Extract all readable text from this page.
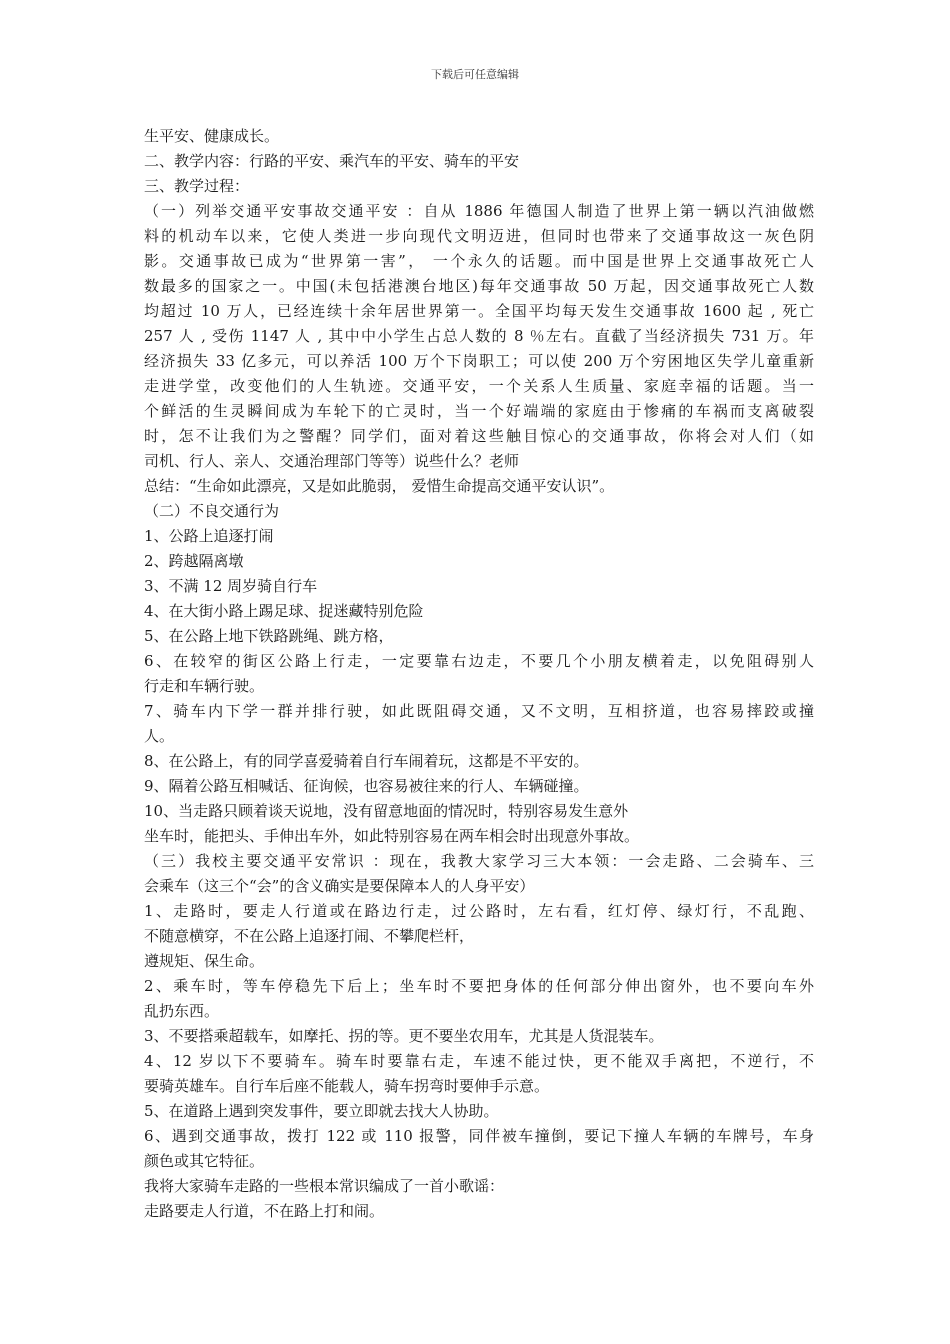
下载后可任意编辑
生平安、健康成长。
二、教学内容：行路的平安、乘汽车的平安、骑车的平安
三、教学过程：
（一）列举交通平安事故交通平安 ：自从 1886 年德国人制造了世界上第一辆以汽油做燃
料的机动车以来，它使人类进一步向现代文明迈进，但同时也带来了交通事故这一灰色阴
影。交通事故已成为“世界第一害”， 一个永久的话题。而中国是世界上交通事故死亡人
数最多的国家之一。中国(未包括港澳台地区)每年交通事故 50 万起，因交通事故死亡人数
均超过 10 万人，已经连续十余年居世界第一。全国平均每天发生交通事故 1600 起 , 死亡
257 人 , 受伤 1147 人 , 其中中小学生占总人数的 8 ％左右。直截了当经济损失 731 万。年
经济损失 33 亿多元，可以养活 100 万个下岗职工；可以使 200 万个穷困地区失学儿童重新
走进学堂，改变他们的人生轨迹。交通平安，一个关系人生质量、家庭幸福的话题。当一
个鲜活的生灵瞬间成为车轮下的亡灵时，当一个好端端的家庭由于惨痛的车祸而支离破裂
时，怎不让我们为之警醒？同学们，面对着这些触目惊心的交通事故，你将会对人们（如
司机、行人、亲人、交通治理部门等等）说些什么？老师
总结：“生命如此漂亮，又是如此脆弱， 爱惜生命提高交通平安认识”。
（二）不良交通行为
1、公路上追逐打闹
2、跨越隔离墩
3、不满 12 周岁骑自行车
4、在大街小路上踢足球、捉迷藏特别危险
5、在公路上地下铁路跳绳、跳方格，
6、在较窄的街区公路上行走，一定要靠右边走，不要几个小朋友横着走，以免阻碍别人
行走和车辆行驶。
7、骑车内下学一群并排行驶，如此既阻碍交通，又不文明，互相挤道，也容易摔跤或撞
人。
8、在公路上，有的同学喜爱骑着自行车闹着玩，这都是不平安的。
9、隔着公路互相喊话、征询候，也容易被往来的行人、车辆碰撞。
10、当走路只顾着谈天说地，没有留意地面的情况时，特别容易发生意外
坐车时，能把头、手伸出车外，如此特别容易在两车相会时出现意外事故。
（三）我校主要交通平安常识 ：现在，我教大家学习三大本领：一会走路、二会骑车、三
会乘车（这三个“会”的含义确实是要保障本人的人身平安）
1、走路时，要走人行道或在路边行走，过公路时，左右看，红灯停、绿灯行，不乱跑、
不随意横穿，不在公路上追逐打闹、不攀爬栏杆，
遵规矩、保生命。
2、乘车时，等车停稳先下后上；坐车时不要把身体的任何部分伸出窗外，也不要向车外
乱扔东西。
3、不要搭乘超载车，如摩托、拐的等。更不要坐农用车，尤其是人货混装车。
4、12 岁以下不要骑车。骑车时要靠右走，车速不能过快，更不能双手离把，不逆行，不
要骑英雄车。自行车后座不能载人，骑车拐弯时要伸手示意。
5、在道路上遇到突发事件，要立即就去找大人协助。
6、遇到交通事故，拨打 122 或 110 报警，同伴被车撞倒，要记下撞人车辆的车牌号，车身
颜色或其它特征。
我将大家骑车走路的一些根本常识编成了一首小歌谣：
走路要走人行道，不在路上打和闹。
